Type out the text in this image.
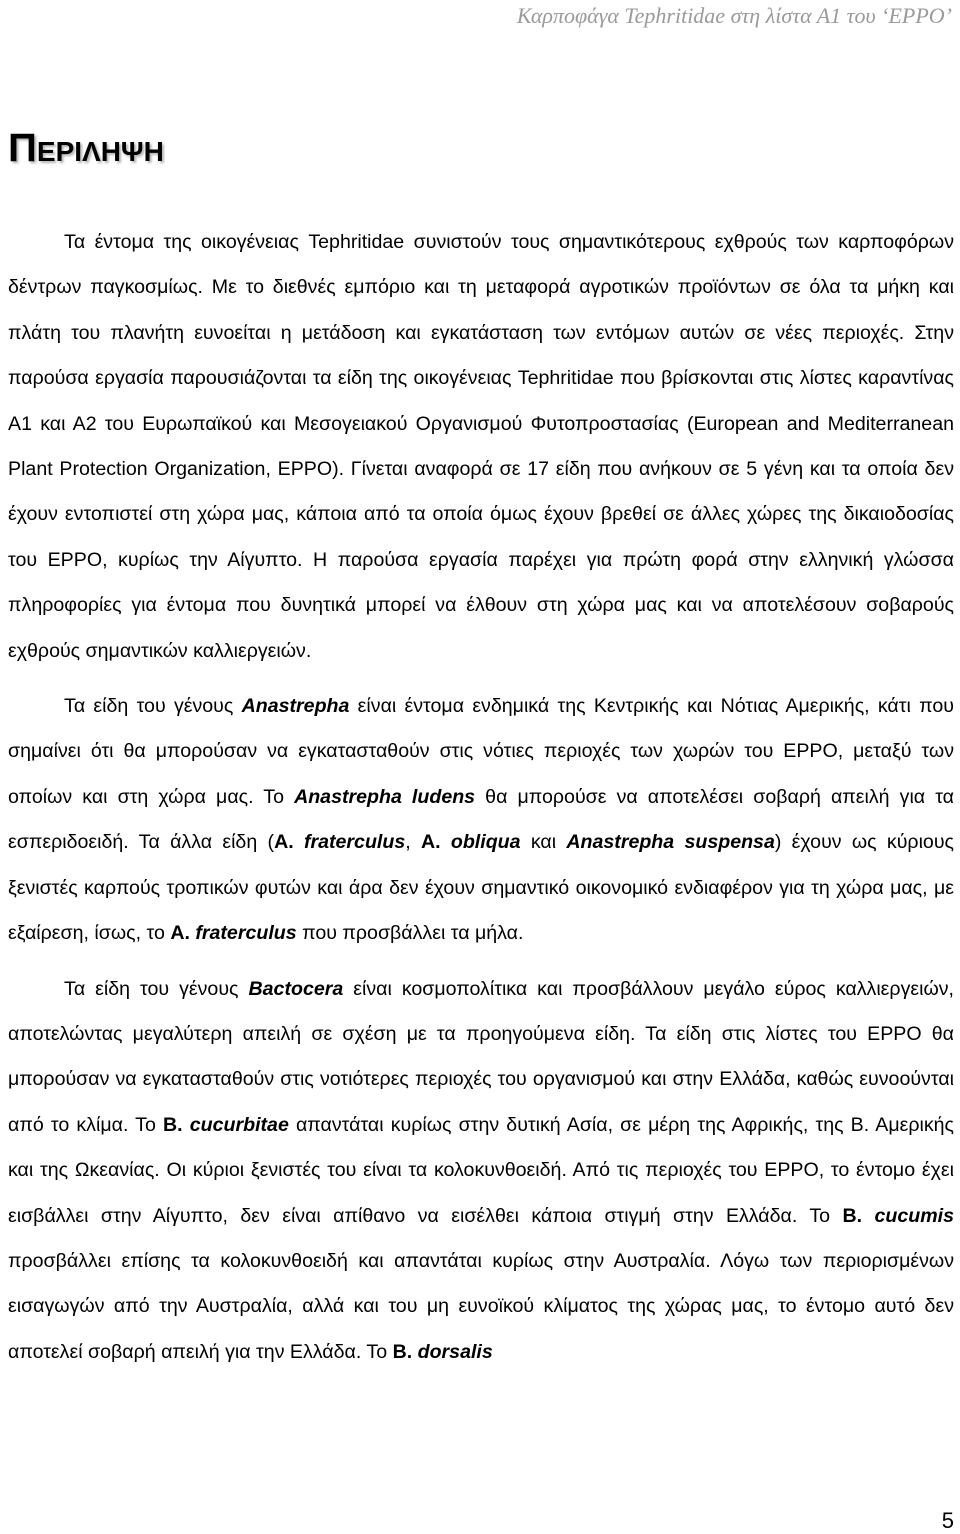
Καρποφάγα Tephritidae στη λίστα Α1 του ‘EPPO’
Περιληψη

Τα έντομα της οικογένειας Tephritidae συνιστούν τους σημαντικότερους εχθρούς των καρποφόρων δέντρων παγκοσμίως. Με το διεθνές εμπόριο και τη μεταφορά αγροτικών προϊόντων σε όλα τα μήκη και πλάτη του πλανήτη ευνοείται η μετάδοση και εγκατάσταση των εντόμων αυτών σε νέες περιοχές. Στην παρούσα εργασία παρουσιάζονται τα είδη της οικογένειας Tephritidae που βρίσκονται στις λίστες καραντίνας Α1 και Α2 του Ευρωπαϊκού και Μεσογειακού Οργανισμού Φυτοπροστασίας (European and Mediterranean Plant Protection Organization, EPPO). Γίνεται αναφορά σε 17 είδη που ανήκουν σε 5 γένη και τα οποία δεν έχουν εντοπιστεί στη χώρα μας, κάποια από τα οποία όμως έχουν βρεθεί σε άλλες χώρες της δικαιοδοσίας του EPPO, κυρίως την Αίγυπτο. Η παρούσα εργασία παρέχει για πρώτη φορά στην ελληνική γλώσσα πληροφορίες για έντομα που δυνητικά μπορεί να έλθουν στη χώρα μας και να αποτελέσουν σοβαρούς εχθρούς σημαντικών καλλιεργειών.

Τα είδη του γένους Anastrepha είναι έντομα ενδημικά της Κεντρικής και Νότιας Αμερικής, κάτι που σημαίνει ότι θα μπορούσαν να εγκατασταθούν στις νότιες περιοχές των χωρών του EPPO, μεταξύ των οποίων και στη χώρα μας. Το Anastrepha ludens θα μπορούσε να αποτελέσει σοβαρή απειλή για τα εσπεριδοειδή. Τα άλλα είδη (A. fraterculus, A. obliqua και Anastrepha suspensa) έχουν ως κύριους ξενιστές καρπούς τροπικών φυτών και άρα δεν έχουν σημαντικό οικονομικό ενδιαφέρον για τη χώρα μας, με εξαίρεση, ίσως, το A. fraterculus που προσβάλλει τα μήλα.

Τα είδη του γένους Bactocera είναι κοσμοπολίτικα και προσβάλλουν μεγάλο εύρος καλλιεργειών, αποτελώντας μεγαλύτερη απειλή σε σχέση με τα προηγούμενα είδη. Τα είδη στις λίστες του EPPO θα μπορούσαν να εγκατασταθούν στις νοτιότερες περιοχές του οργανισμού και στην Ελλάδα, καθώς ευνοούνται από το κλίμα. Το B. cucurbitae απαντάται κυρίως στην δυτική Ασία, σε μέρη της Αφρικής, της Β. Αμερικής και της Ωκεανίας. Οι κύριοι ξενιστές του είναι τα κολοκυνθοειδή. Από τις περιοχές του EPPO, το έντομο έχει εισβάλλει στην Αίγυπτο, δεν είναι απίθανο να εισέλθει κάποια στιγμή στην Ελλάδα. Το B. cucumis προσβάλλει επίσης τα κολοκυνθοειδή και απαντάται κυρίως στην Αυστραλία. Λόγω των περιορισμένων εισαγωγών από την Αυστραλία, αλλά και του μη ευνοϊκού κλίματος της χώρας μας, το έντομο αυτό δεν αποτελεί σοβαρή απειλή για την Ελλάδα. Το B. dorsalis

5
